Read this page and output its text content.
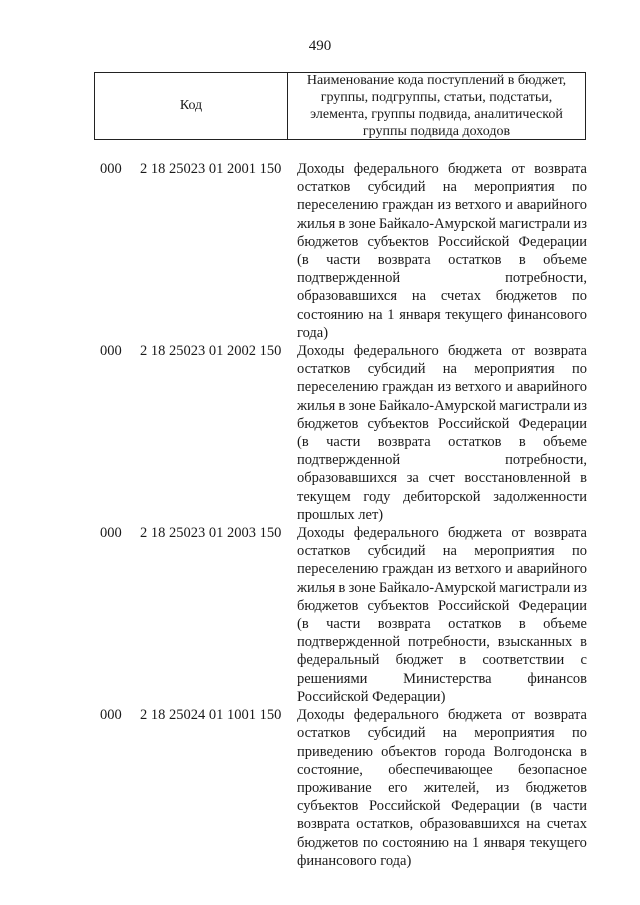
490
Код
Наименование кода поступлений в бюджет,
группы, подгруппы, статьи, подстатьи,
элемента, группы подвида, аналитической
группы подвида доходов
000 2 18 25023 01 2001 150 Доходы федерального бюджета от возврата
остатков субсидий на мероприятия по
переселению граждан из ветхого и аварийного
жилья в зоне Байкало-Амурской магистрали из
бюджетов субъектов Российской Федерации
(в части возврата остатков в объеме
подтвержденной	потребности,
образовавшихся на счетах бюджетов по
состоянию на 1 января текущего финансового
года)
000 2 18 25023 01 2002 150 Доходы федерального бюджета от возврата
остатков субсидий на мероприятия по
переселению граждан из ветхого и аварийного
жилья в зоне Байкало-Амурской магистрали из
бюджетов субъектов Российской Федерации
(в части возврата остатков в объеме
подтвержденной	потребности,
образовавшихся за счет восстановленной в
текущем году дебиторской задолженности
прошлых лет)
000 2 18 25023 01 2003 150 Доходы федерального бюджета от возврата
остатков субсидий на мероприятия по
переселению граждан из ветхого и аварийного
жилья в зоне Байкало-Амурской магистрали из
бюджетов субъектов Российской Федерации
(в части возврата остатков в объеме
подтвержденной потребности, взысканных в
федеральный бюджет в соответствии с
решениями Министерства финансов
Российской Федерации)
000 2 18 25024 01 1001 150 Доходы федерального бюджета от возврата
остатков субсидий на мероприятия по
приведению объектов города Волгодонска в
состояние, обеспечивающее безопасное
проживание его жителей, из бюджетов
субъектов Российской Федерации (в части
возврата остатков, образовавшихся на счетах
бюджетов по состоянию на 1 января текущего
финансового года)
